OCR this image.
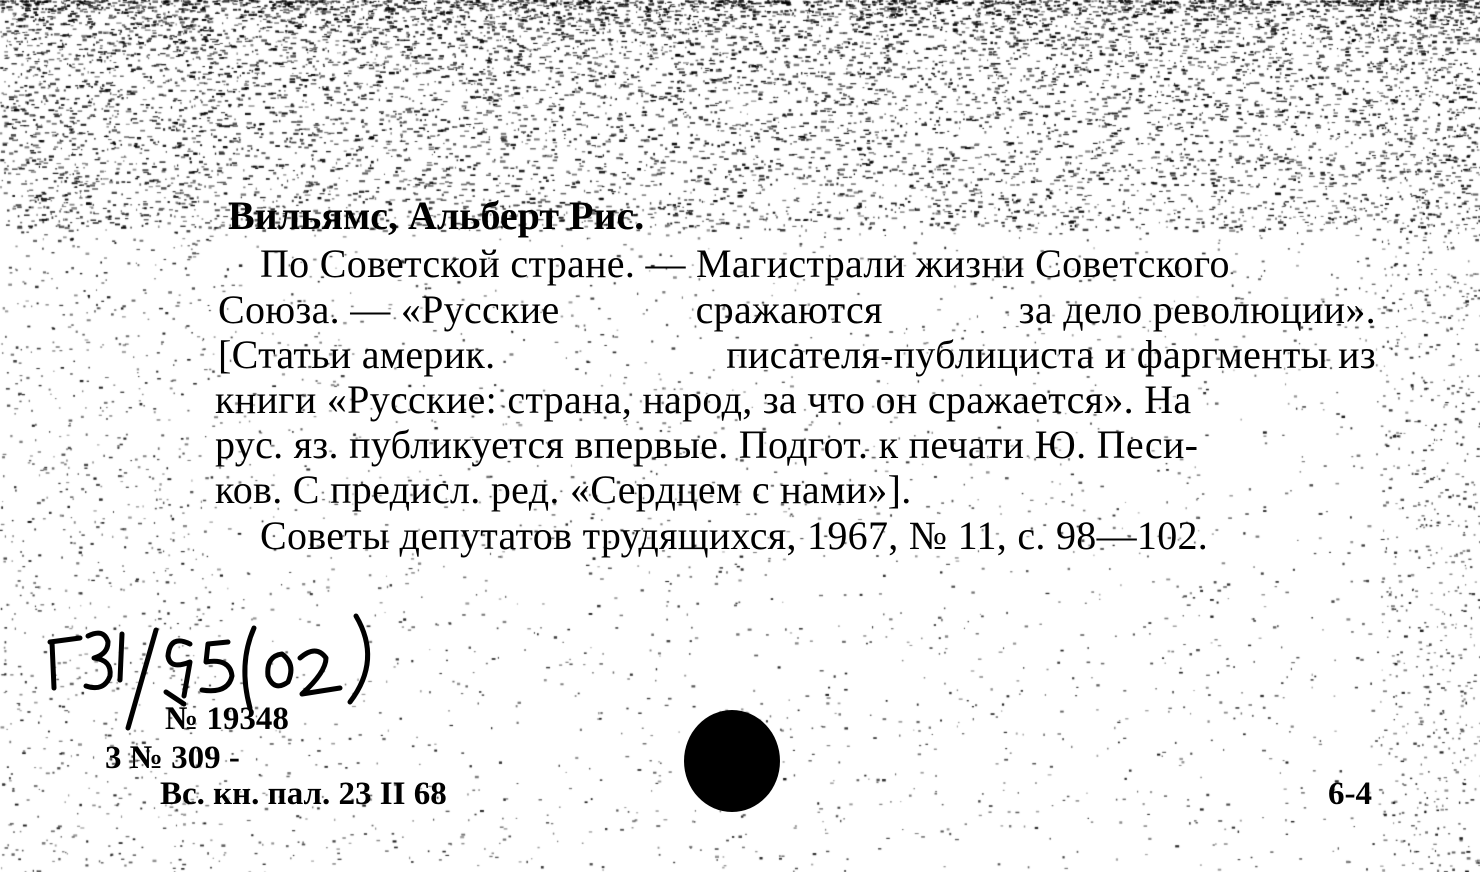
Вильямс, Альберт Рис.
По Советской стране. — Магистрали жизни Советского
Союза. — «Русские	сражаются	за дело революции».
[Статьи америк.	писателя-публициста и фаргменты из
книги «Русские: страна, народ, за что он сражается». На
рус. яз. публикуется впервые. Подгот. к печати Ю. Песи-
ков. С предисл. ред. «Сердцем с нами»].
Советы депутатов трудящихся, 1967, № 11, с. 98—102.
№ 19348
3 № 309 -
Вс. кн. пал. 23 II 68	6-4
